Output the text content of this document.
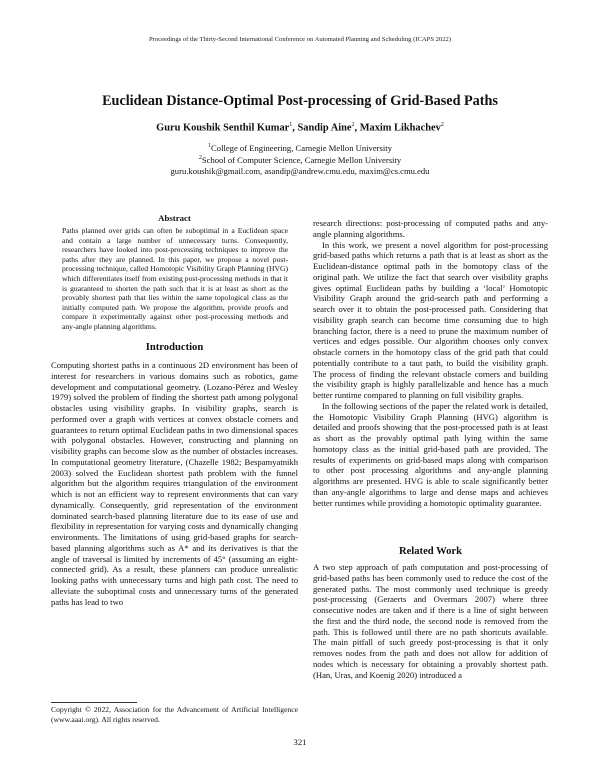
Proceedings of the Thirty-Second International Conference on Automated Planning and Scheduling (ICAPS 2022)
Euclidean Distance-Optimal Post-processing of Grid-Based Paths
Guru Koushik Senthil Kumar$^1$, Sandip Aine$^2$, Maxim Likhachev$^2$
$^1$College of Engineering, Carnegie Mellon University
$^2$School of Computer Science, Carnegie Mellon University
guru.koushik@gmail.com, asandip@andrew.cmu.edu, maxim@cs.cmu.edu
Abstract
Paths planned over grids can often be suboptimal in a Euclidean space and contain a large number of unnecessary turns. Consequently, researchers have looked into post-processing techniques to improve the paths after they are planned. In this paper, we propose a novel post-processing technique, called Homotopic Visibility Graph Planning (HVG) which differentiates itself from existing post-processing methods in that it is guaranteed to shorten the path such that it is at least as short as the provably shortest path that lies within the same topological class as the initially computed path. We propose the algorithm, provide proofs and compare it experimentally against other post-processing methods and any-angle planning algorithms.
Introduction

Computing shortest paths in a continuous 2D environment has been of interest for researchers in various domains such as robotics, game development and computational geometry. (Lozano-Pérez and Wesley 1979) solved the problem of finding the shortest path among polygonal obstacles using visibility graphs. In visibility graphs, search is performed over a graph with vertices at convex obstacle corners and guarantees to return optimal Euclidean paths in two dimensional spaces with polygonal obstacles. However, constructing and planning on visibility graphs can become slow as the number of obstacles increases. In computational geometry literature, (Chazelle 1982; Bespamyatnikh 2003) solved the Euclidean shortest path problem with the funnel algorithm but the algorithm requires triangulation of the environment which is not an efficient way to represent environments that can vary dynamically. Consequently, grid representation of the environment dominated search-based planning literature due to its ease of use and flexibility in representation for varying costs and dynamically changing environments. The limitations of using grid-based graphs for search-based planning algorithms such as A* and its derivatives is that the angle of traversal is limited by increments of 45° (assuming an eight-connected grid). As a result, these planners can produce unrealistic looking paths with unnecessary turns and high path cost. The need to alleviate the suboptimal costs and unnecessary turns of the generated paths has lead to two

research directions: post-processing of computed paths and any-angle planning algorithms.

In this work, we present a novel algorithm for post-processing grid-based paths which returns a path that is at least as short as the Euclidean-distance optimal path in the homotopy class of the original path. We utilize the fact that search over visibility graphs gives optimal Euclidean paths by building a ‘local’ Homotopic Visibility Graph around the grid-search path and performing a search over it to obtain the post-processed path. Considering that visibility graph search can become time consuming due to high branching factor, there is a need to prune the maximum number of vertices and edges possible. Our algorithm chooses only convex obstacle corners in the homotopy class of the grid path that could potentially contribute to a taut path, to build the visibility graph. The process of finding the relevant obstacle corners and building the visibility graph is highly parallelizable and hence has a much better runtime compared to planning on full visibility graphs.

In the following sections of the paper the related work is detailed, the Homotopic Visibility Graph Planning (HVG) algorithm is detailed and proofs showing that the post-processed path is at least as short as the provably optimal path lying within the same homotopy class as the initial grid-based path are provided. The results of experiments on grid-based maps along with comparison to other post processing algorithms and any-angle planning algorithms are presented. HVG is able to scale significantly better than any-angle algorithms to large and dense maps and achieves better runtimes while providing a homotopic optimality guarantee.

Related Work

A two step approach of path computation and post-processing of grid-based paths has been commonly used to reduce the cost of the generated paths. The most commonly used technique is greedy post-processing (Geraerts and Overmars 2007) where three consecutive nodes are taken and if there is a line of sight between the first and the third node, the second node is removed from the path. This is followed until there are no path shortcuts available. The main pitfall of such greedy post-processing is that it only removes nodes from the path and does not allow for addition of nodes which is necessary for obtaining a provably shortest path. (Han, Uras, and Koenig 2020) introduced a

Copyright © 2022, Association for the Advancement of Artificial Intelligence (www.aaai.org). All rights reserved.
321
